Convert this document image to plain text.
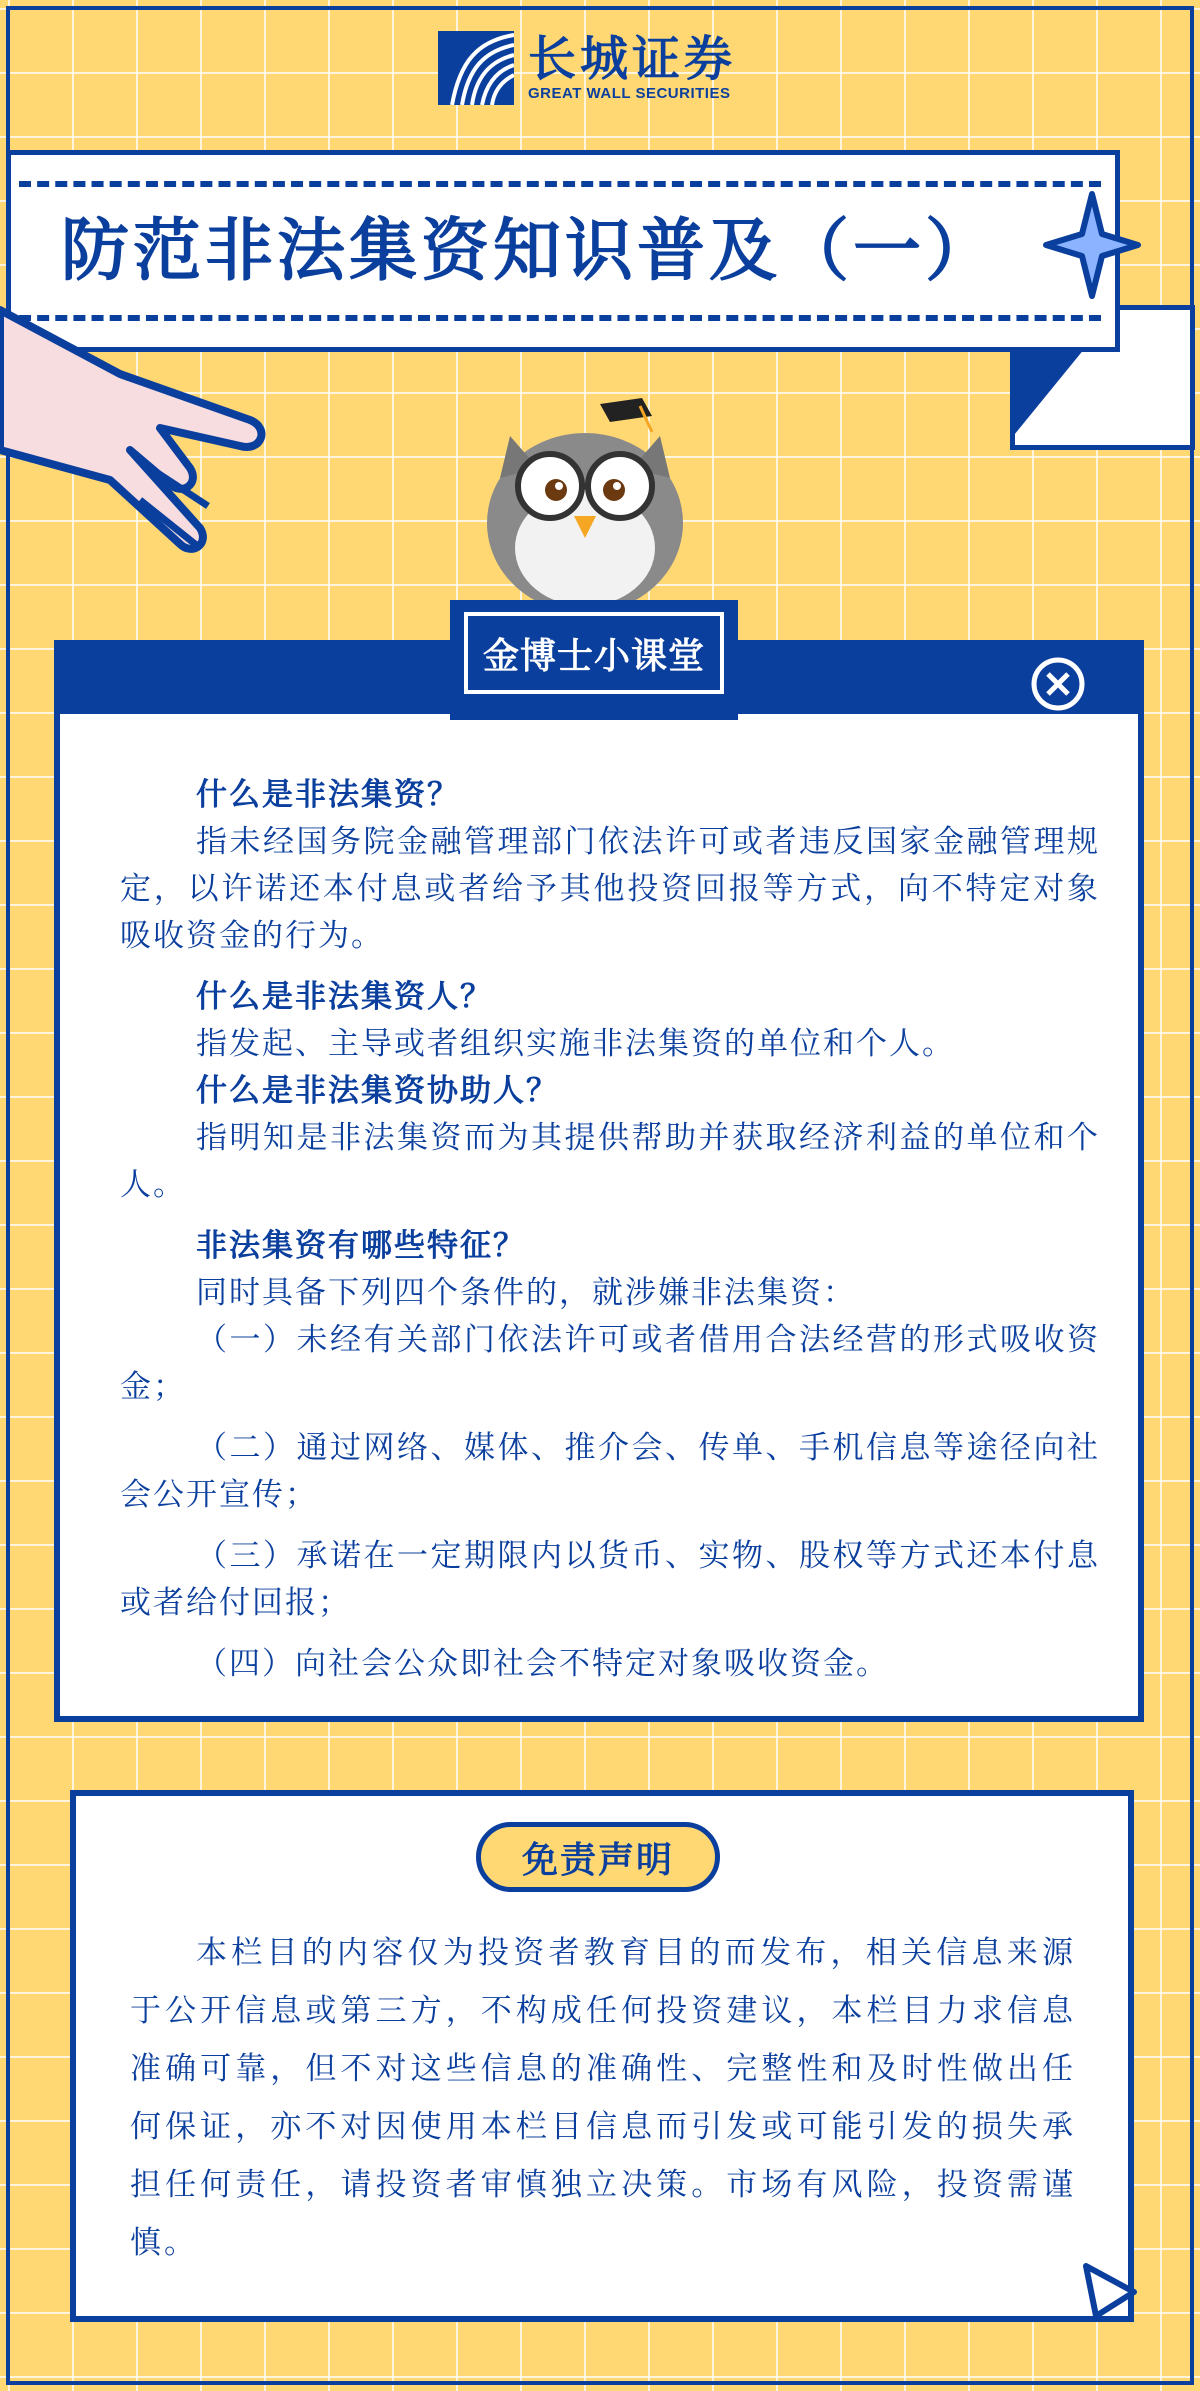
长城证券
GREAT WALL SECURITIES
防范非法集资知识普及（一）
金博士小课堂

什么是非法集资？

指未经国务院金融管理部门依法许可或者违反国家金融管理规定，以许诺还本付息或者给予其他投资回报等方式，向不特定对象吸收资金的行为。

什么是非法集资人？

指发起、主导或者组织实施非法集资的单位和个人。

什么是非法集资协助人？

指明知是非法集资而为其提供帮助并获取经济利益的单位和个人。

非法集资有哪些特征？

同时具备下列四个条件的，就涉嫌非法集资：

（一）未经有关部门依法许可或者借用合法经营的形式吸收资金；

（二）通过网络、媒体、推介会、传单、手机信息等途径向社会公开宣传；

（三）承诺在一定期限内以货币、实物、股权等方式还本付息或者给付回报；

（四）向社会公众即社会不特定对象吸收资金。

免责声明

本栏目的内容仅为投资者教育目的而发布，相关信息来源于公开信息或第三方，不构成任何投资建议，本栏目力求信息准确可靠，但不对这些信息的准确性、完整性和及时性做出任何保证，亦不对因使用本栏目信息而引发或可能引发的损失承担任何责任，请投资者审慎独立决策。市场有风险，投资需谨慎。
